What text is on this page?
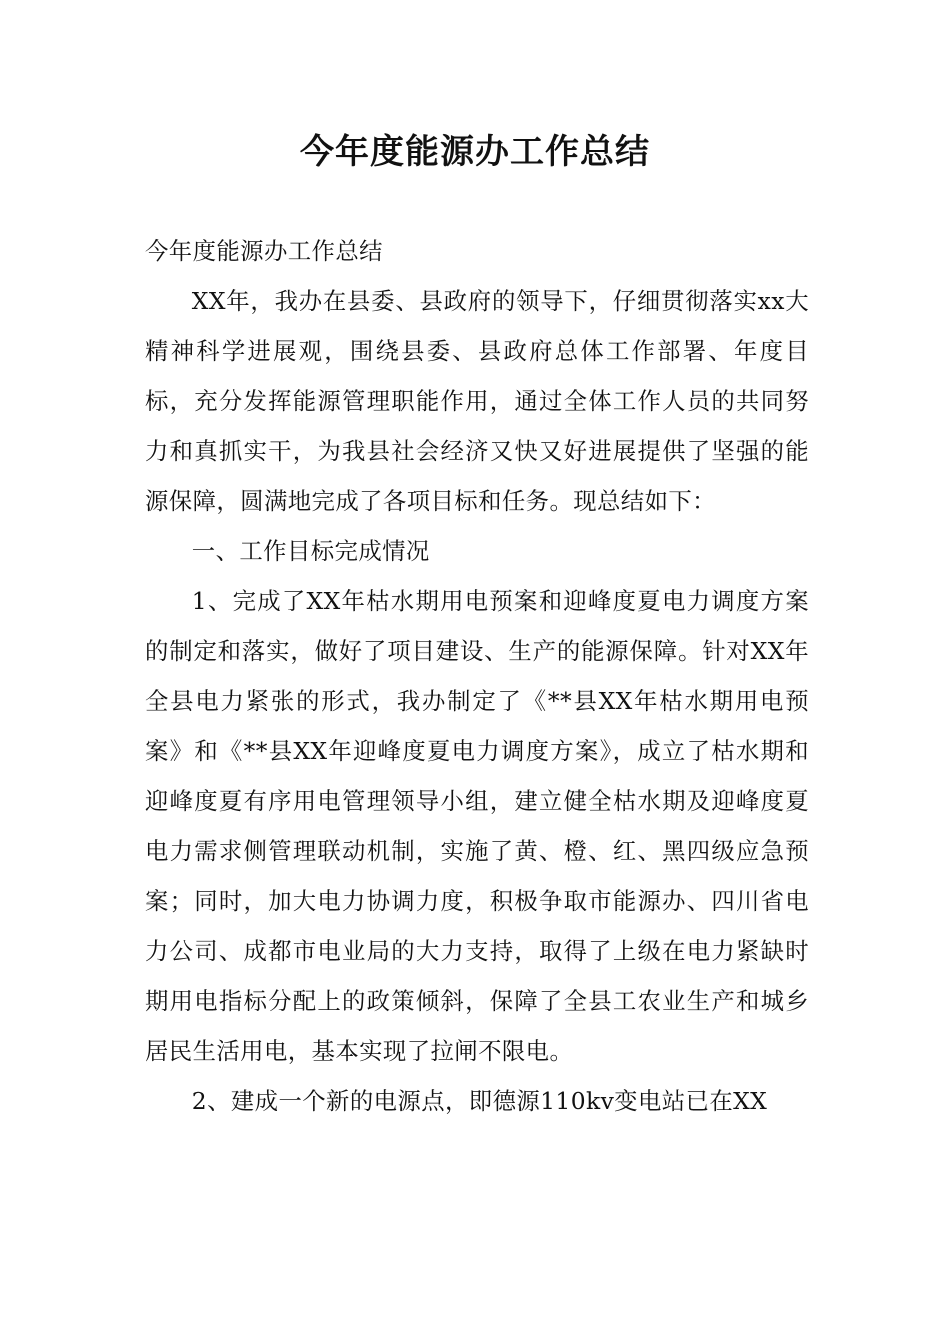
今年度能源办工作总结

今年度能源办工作总结

XX年，我办在县委、县政府的领导下，仔细贯彻落实xx大精神科学进展观，围绕县委、县政府总体工作部署、年度目标，充分发挥能源管理职能作用，通过全体工作人员的共同努力和真抓实干，为我县社会经济又快又好进展提供了坚强的能源保障，圆满地完成了各项目标和任务。现总结如下：

一、工作目标完成情况

1、完成了XX年枯水期用电预案和迎峰度夏电力调度方案的制定和落实，做好了项目建设、生产的能源保障。针对XX年全县电力紧张的形式，我办制定了《**县XX年枯水期用电预案》和《**县XX年迎峰度夏电力调度方案》，成立了枯水期和迎峰度夏有序用电管理领导小组，建立健全枯水期及迎峰度夏电力需求侧管理联动机制，实施了黄、橙、红、黑四级应急预案；同时，加大电力协调力度，积极争取市能源办、四川省电力公司、成都市电业局的大力支持，取得了上级在电力紧缺时期用电指标分配上的政策倾斜，保障了全县工农业生产和城乡居民生活用电，基本实现了拉闸不限电。

2、建成一个新的电源点，即德源110kv变电站已在XX
